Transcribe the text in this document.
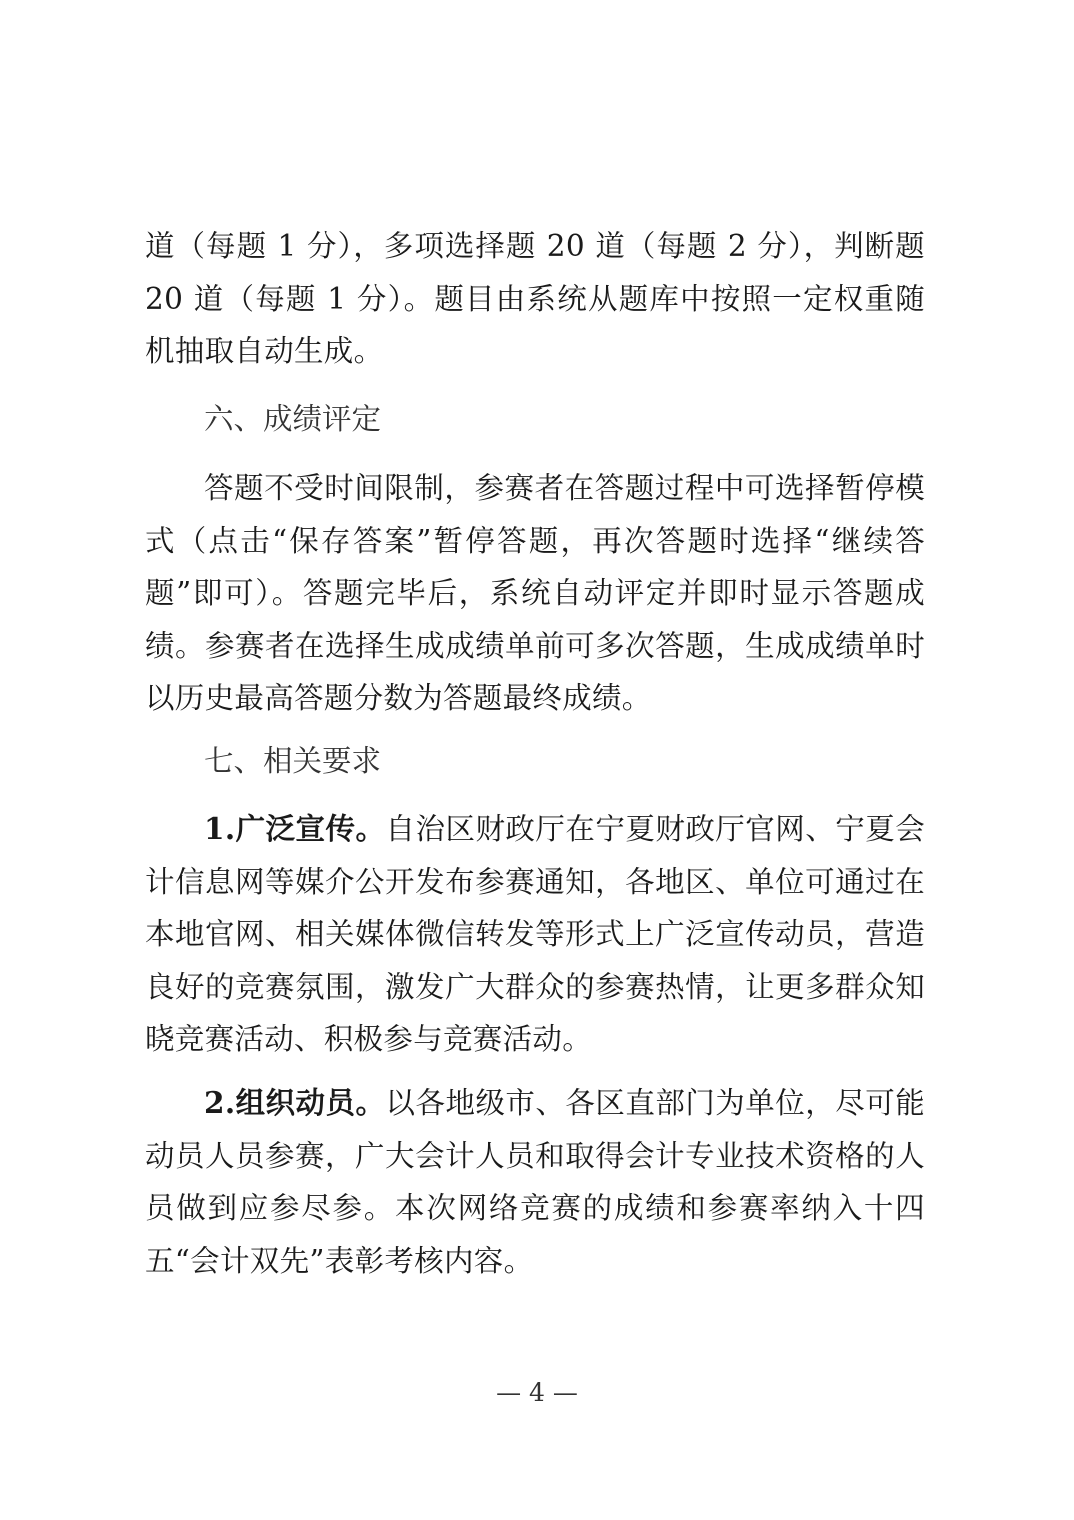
道（每题 1 分），多项选择题 20 道（每题 2 分），判断题 20 道（每题 1 分）。题目由系统从题库中按照一定权重随机抽取自动生成。

六、成绩评定

答题不受时间限制，参赛者在答题过程中可选择暂停模式（点击“保存答案”暂停答题，再次答题时选择“继续答题”即可）。答题完毕后，系统自动评定并即时显示答题成绩。参赛者在选择生成成绩单前可多次答题，生成成绩单时以历史最高答题分数为答题最终成绩。

七、相关要求

1.广泛宣传。自治区财政厅在宁夏财政厅官网、宁夏会计信息网等媒介公开发布参赛通知，各地区、单位可通过在本地官网、相关媒体微信转发等形式上广泛宣传动员，营造良好的竞赛氛围，激发广大群众的参赛热情，让更多群众知晓竞赛活动、积极参与竞赛活动。

2.组织动员。以各地级市、各区直部门为单位，尽可能动员人员参赛，广大会计人员和取得会计专业技术资格的人员做到应参尽参。本次网络竞赛的成绩和参赛率纳入十四五“会计双先”表彰考核内容。

— 4 —
